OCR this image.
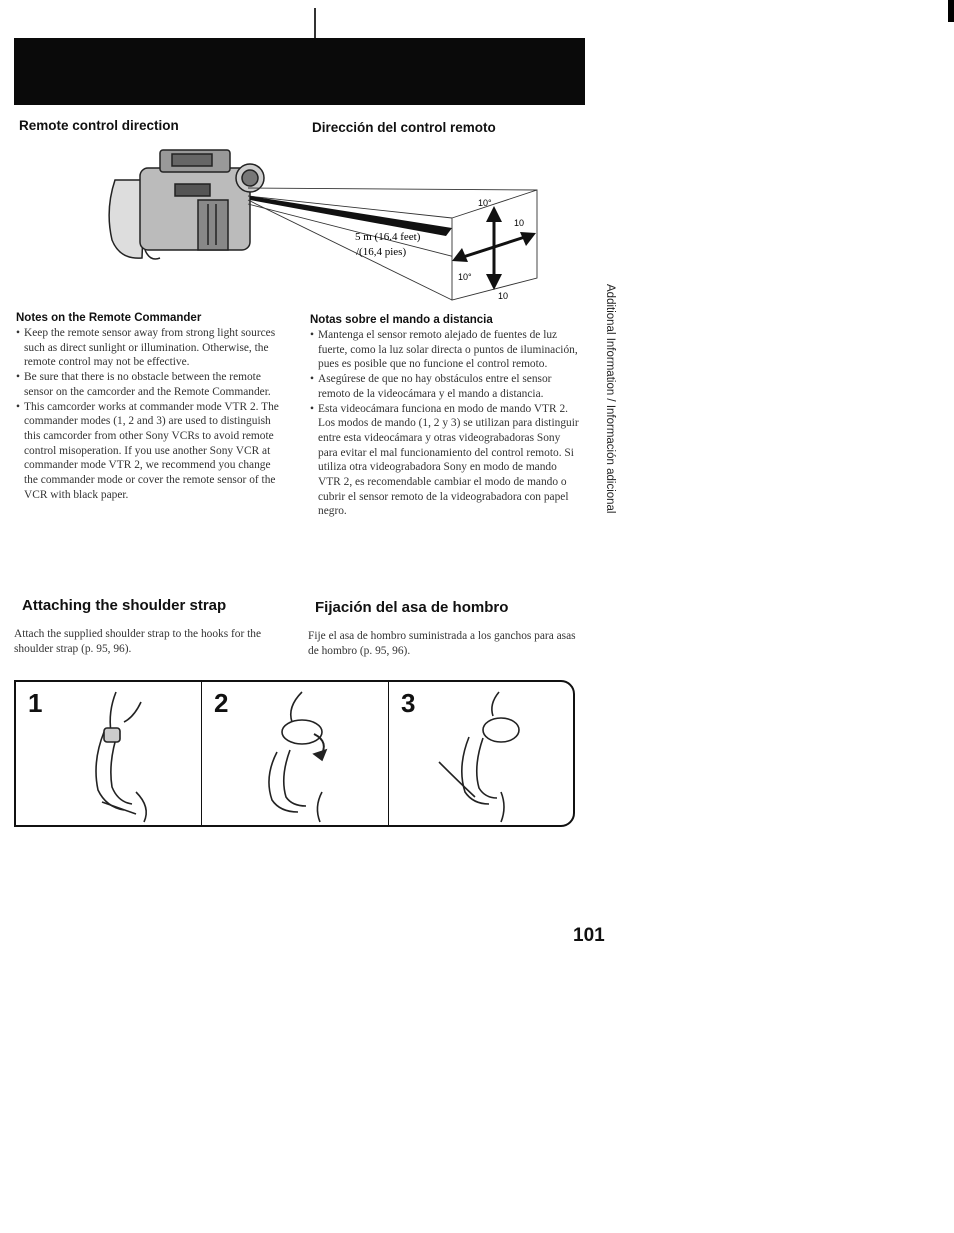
Remote control direction	Dirección del control remoto
5 m (16.4 feet)
/(16,4 pies)
10°
10
10°
10
Notes on the Remote Commander
• Keep the remote sensor away from strong light sources such as direct sunlight or illumination. Otherwise, the remote control may not be effective.
• Be sure that there is no obstacle between the remote sensor on the camcorder and the Remote Commander.
• This camcorder works at commander mode VTR 2. The commander modes (1, 2 and 3) are used to distinguish this camcorder from other Sony VCRs to avoid remote control misoperation. If you use another Sony VCR at commander mode VTR 2, we recommend you change the commander mode or cover the remote sensor of the VCR with black paper.
Notas sobre el mando a distancia
• Mantenga el sensor remoto alejado de fuentes de luz fuerte, como la luz solar directa o puntos de iluminación, pues es posible que no funcione el control remoto.
• Asegúrese de que no hay obstáculos entre el sensor remoto de la videocámara y el mando a distancia.
• Esta videocámara funciona en modo de mando VTR 2. Los modos de mando (1, 2 y 3) se utilizan para distinguir entre esta videocámara y otras videograbadoras Sony para evitar el mal funcionamiento del control remoto. Si utiliza otra videograbadora Sony en modo de mando VTR 2, es recomendable cambiar el modo de mando o cubrir el sensor remoto de la videograbadora con papel negro.	Additional Information / Información adicional
Attaching the shoulder strap	Fijación del asa de hombro

Attach the supplied shoulder strap to the hooks for the shoulder strap (p. 95, 96).

Fije el asa de hombro suministrada a los ganchos para asas de hombro (p. 95, 96).

1	2	3
101
